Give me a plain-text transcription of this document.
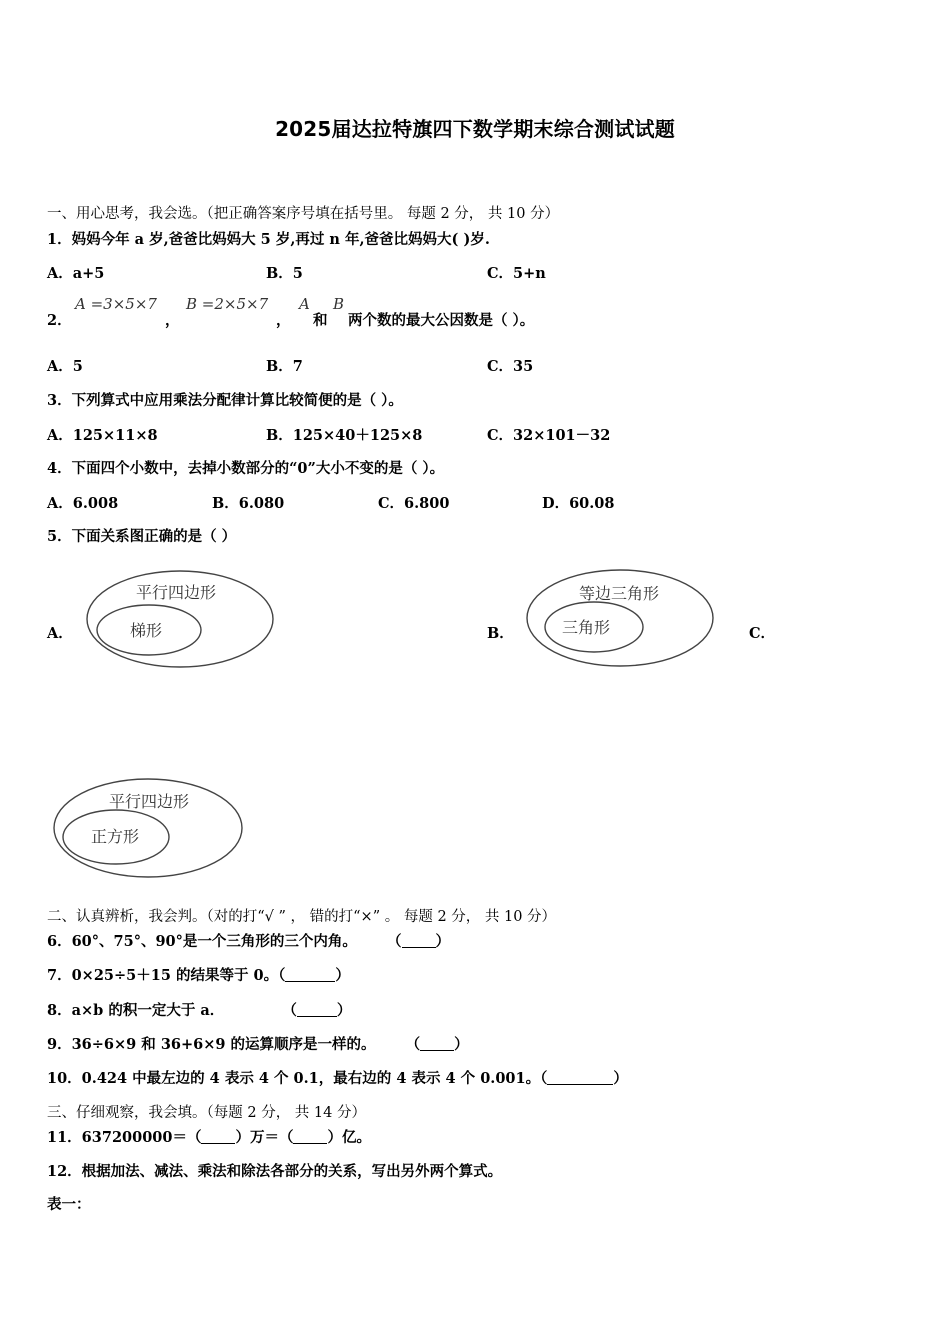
2025届达拉特旗四下数学期末综合测试试题
一、用心思考，我会选。（把正确答案序号填在括号里。 每题 2 分， 共 10 分）
1．妈妈今年 a 岁,爸爸比妈妈大 5 岁,再过 n 年,爸爸比妈妈大( )岁.
A．a+5	B．5	C．5+n
2．
A =3×5×7
，
B =2×5×7
，
A
和
B
两个数的最大公因数是（ ）。
A．5	B．7	C．35
3．下列算式中应用乘法分配律计算比较简便的是（ ）。
A．125×11×8	B．125×40＋125×8	C．32×101－32
4．下面四个小数中，去掉小数部分的“0”大小不变的是（ ）。
A．6.008	B．6.080	C．6.800	D．60.08
5．下面关系图正确的是（ ）
A．
平行四边形
梯形	B．
等边三角形
三角形	C．
平行四边形
正方形
二、认真辨析，我会判。（对的打“√ ” ， 错的打“×” 。 每题 2 分， 共 10 分）
6．60°、75°、90°是一个三角形的三个内角。 （ ）
7．0×25÷5＋15 的结果等于 0。（	）
8．a×b 的积一定大于 a．	（	）
9．36÷6×9 和 36+6×9 的运算顺序是一样的。 （ ）
10．0.424 中最左边的 4 表示 4 个 0.1，最右边的 4 表示 4 个 0.001。（	）
三、仔细观察，我会填。（每题 2 分， 共 14 分）
11．637200000＝（ ）万＝（ ）亿。
12．根据加法、减法、乘法和除法各部分的关系，写出另外两个算式。
表一：
